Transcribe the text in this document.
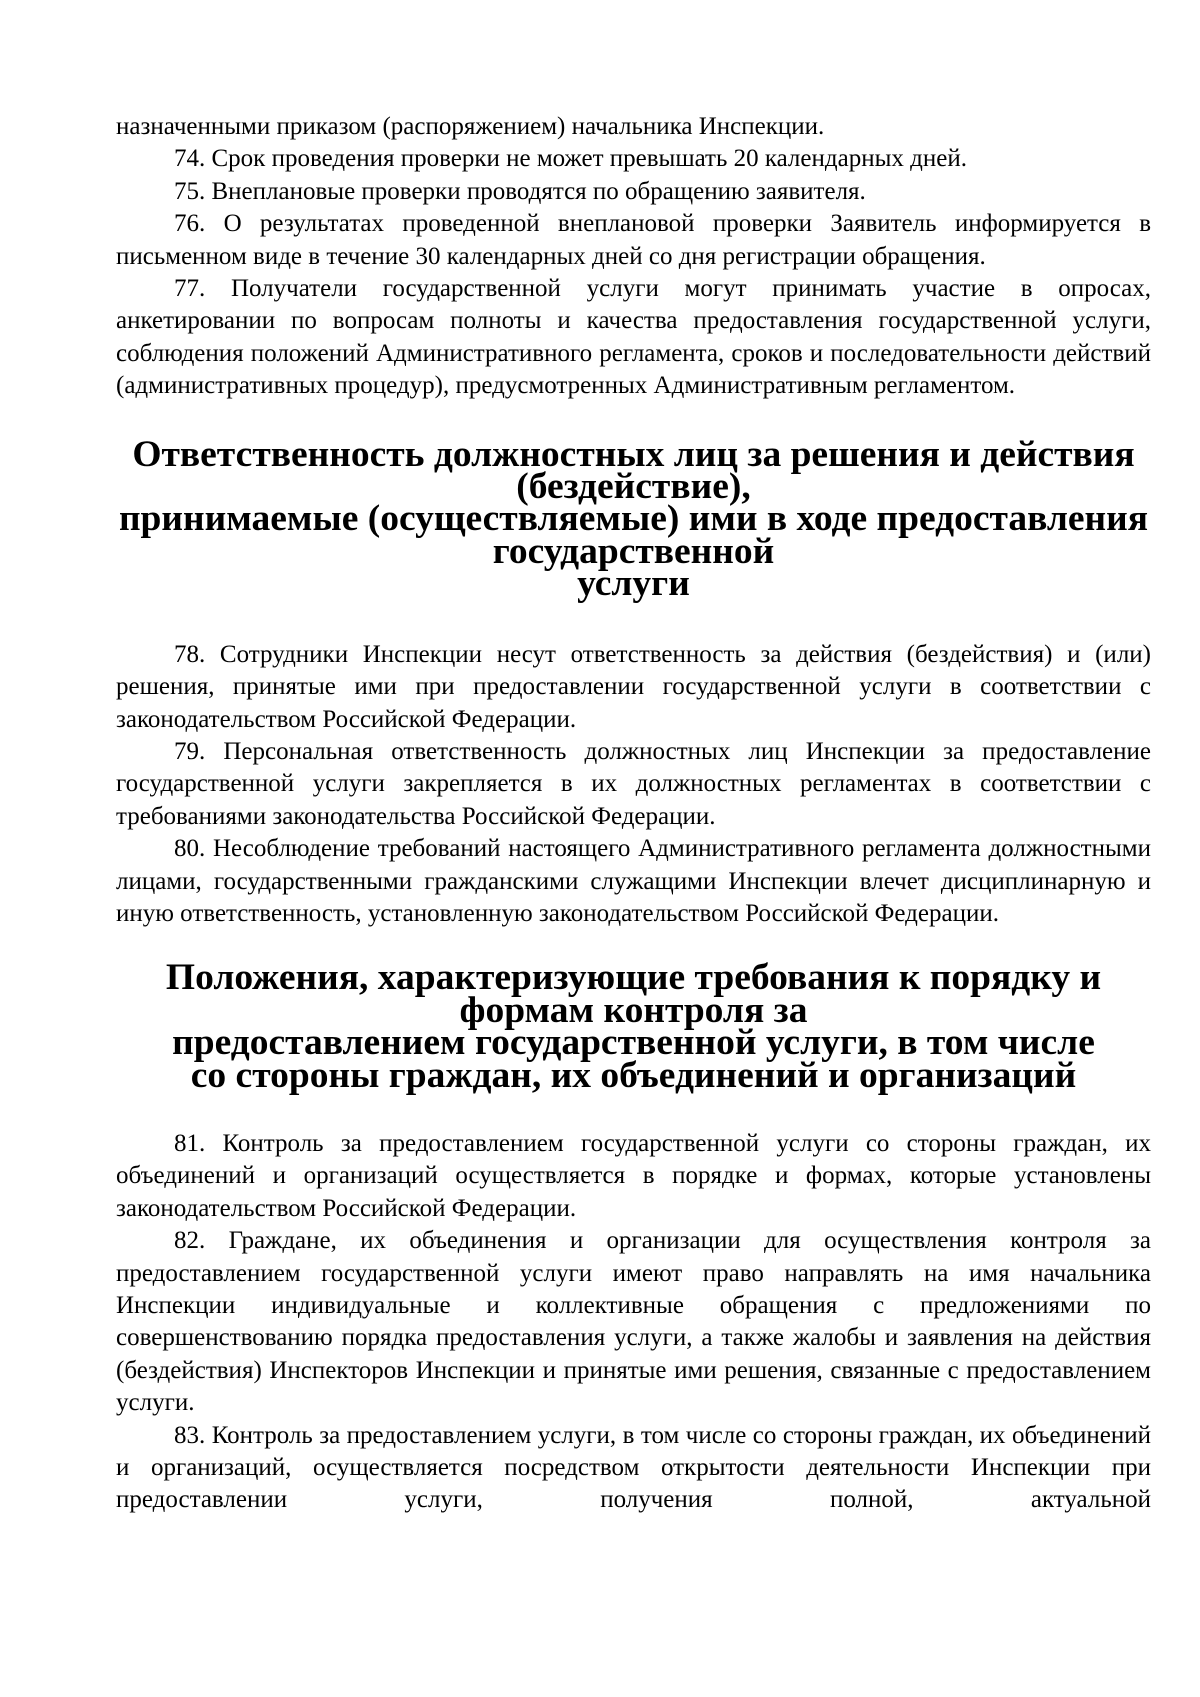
назначенными приказом (распоряжением) начальника Инспекции.

74. Срок проведения проверки не может превышать 20 календарных дней.

75. Внеплановые проверки проводятся по обращению заявителя.

76. О результатах проведенной внеплановой проверки Заявитель информируется в письменном виде в течение 30 календарных дней со дня регистрации обращения.

77. Получатели государственной услуги могут принимать участие в опросах, анкетировании по вопросам полноты и качества предоставления государственной услуги, соблюдения положений Административного регламента, сроков и последовательности действий (административных процедур), предусмотренных Административным регламентом.

Ответственность должностных лиц за решения и действия (бездействие),
принимаемые (осуществляемые) ими в ходе предоставления государственной
услуги

78. Сотрудники Инспекции несут ответственность за действия (бездействия) и (или) решения, принятые ими при предоставлении государственной услуги в соответствии с законодательством Российской Федерации.

79. Персональная ответственность должностных лиц Инспекции за предоставление государственной услуги закрепляется в их должностных регламентах в соответствии с требованиями законодательства Российской Федерации.

80. Несоблюдение требований настоящего Административного регламента должностными лицами, государственными гражданскими служащими Инспекции влечет дисциплинарную и иную ответственность, установленную законодательством Российской Федерации.

Положения, характеризующие требования к порядку и формам контроля за
предоставлением государственной услуги, в том числе
со стороны граждан, их объединений и организаций

81. Контроль за предоставлением государственной услуги со стороны граждан, их объединений и организаций осуществляется в порядке и формах, которые установлены законодательством Российской Федерации.

82. Граждане, их объединения и организации для осуществления контроля за предоставлением государственной услуги имеют право направлять на имя начальника Инспекции индивидуальные и коллективные обращения с предложениями по совершенствованию порядка предоставления услуги, а также жалобы и заявления на действия (бездействия) Инспекторов Инспекции и принятые ими решения, связанные с предоставлением услуги.

83. Контроль за предоставлением услуги, в том числе со стороны граждан, их объединений и организаций, осуществляется посредством открытости деятельности Инспекции при предоставлении услуги, получения полной, актуальной
